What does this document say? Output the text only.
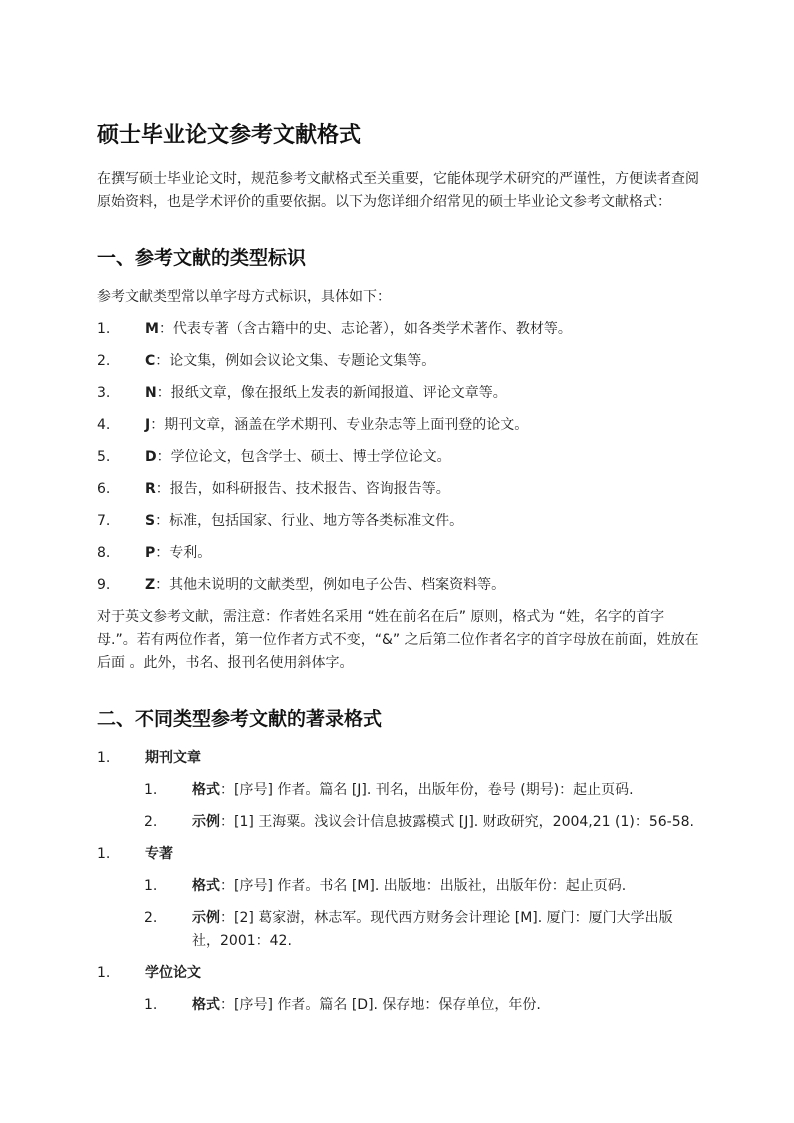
硕士毕业论文参考文献格式

在撰写硕士毕业论文时，规范参考文献格式至关重要，它能体现学术研究的严谨性，方便读者查阅原始资料，也是学术评价的重要依据。以下为您详细介绍常见的硕士毕业论文参考文献格式：

一、参考文献的类型标识

参考文献类型常以单字母方式标识，具体如下：

1.	M：代表专著（含古籍中的史、志论著），如各类学术著作、教材等。
2.	C：论文集，例如会议论文集、专题论文集等。
3.	N：报纸文章，像在报纸上发表的新闻报道、评论文章等。
4.	J：期刊文章，涵盖在学术期刊、专业杂志等上面刊登的论文。
5.	D：学位论文，包含学士、硕士、博士学位论文。
6.	R：报告，如科研报告、技术报告、咨询报告等。
7.	S：标准，包括国家、行业、地方等各类标准文件。
8.	P：专利。
9.	Z：其他未说明的文献类型，例如电子公告、档案资料等。

对于英文参考文献，需注意：作者姓名采用 “姓在前名在后” 原则，格式为 “姓，名字的首字母.”。若有两位作者，第一位作者方式不变，“&” 之后第二位作者名字的首字母放在前面，姓放在后面 。此外，书名、报刊名使用斜体字。

二、不同类型参考文献的著录格式
1.	期刊文章
1.	格式：[序号] 作者。篇名 [J]. 刊名，出版年份，卷号 (期号)：起止页码.
2.	示例：[1] 王海粟。浅议会计信息披露模式 [J]. 财政研究，2004,21 (1)：56-58.
1.	专著
1.	格式：[序号] 作者。书名 [M]. 出版地：出版社，出版年份：起止页码.
2.	示例：[2] 葛家澍，林志军。现代西方财务会计理论 [M]. 厦门：厦门大学出版社，2001：42.
1.	学位论文
1.	格式：[序号] 作者。篇名 [D]. 保存地：保存单位，年份.
